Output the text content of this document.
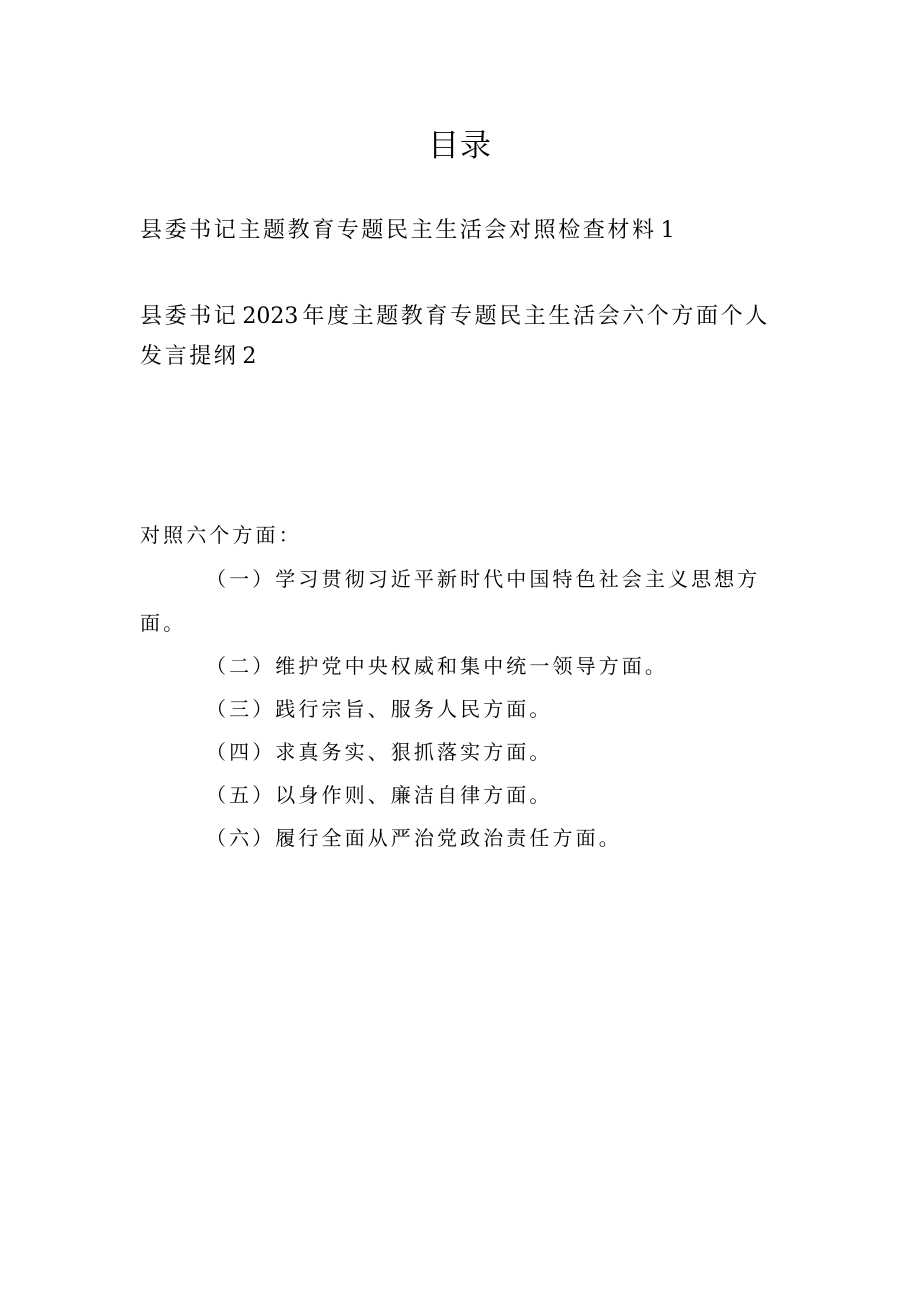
目录
县委书记主题教育专题民主生活会对照检查材料 1
县委书记 2023 年度主题教育专题民主生活会六个方面个人发言提纲 2
对照六个方面：
（一）学习贯彻习近平新时代中国特色社会主义思想方面。
（二）维护党中央权威和集中统一领导方面。
（三）践行宗旨、服务人民方面。
（四）求真务实、狠抓落实方面。
（五）以身作则、廉洁自律方面。
（六）履行全面从严治党政治责任方面。
